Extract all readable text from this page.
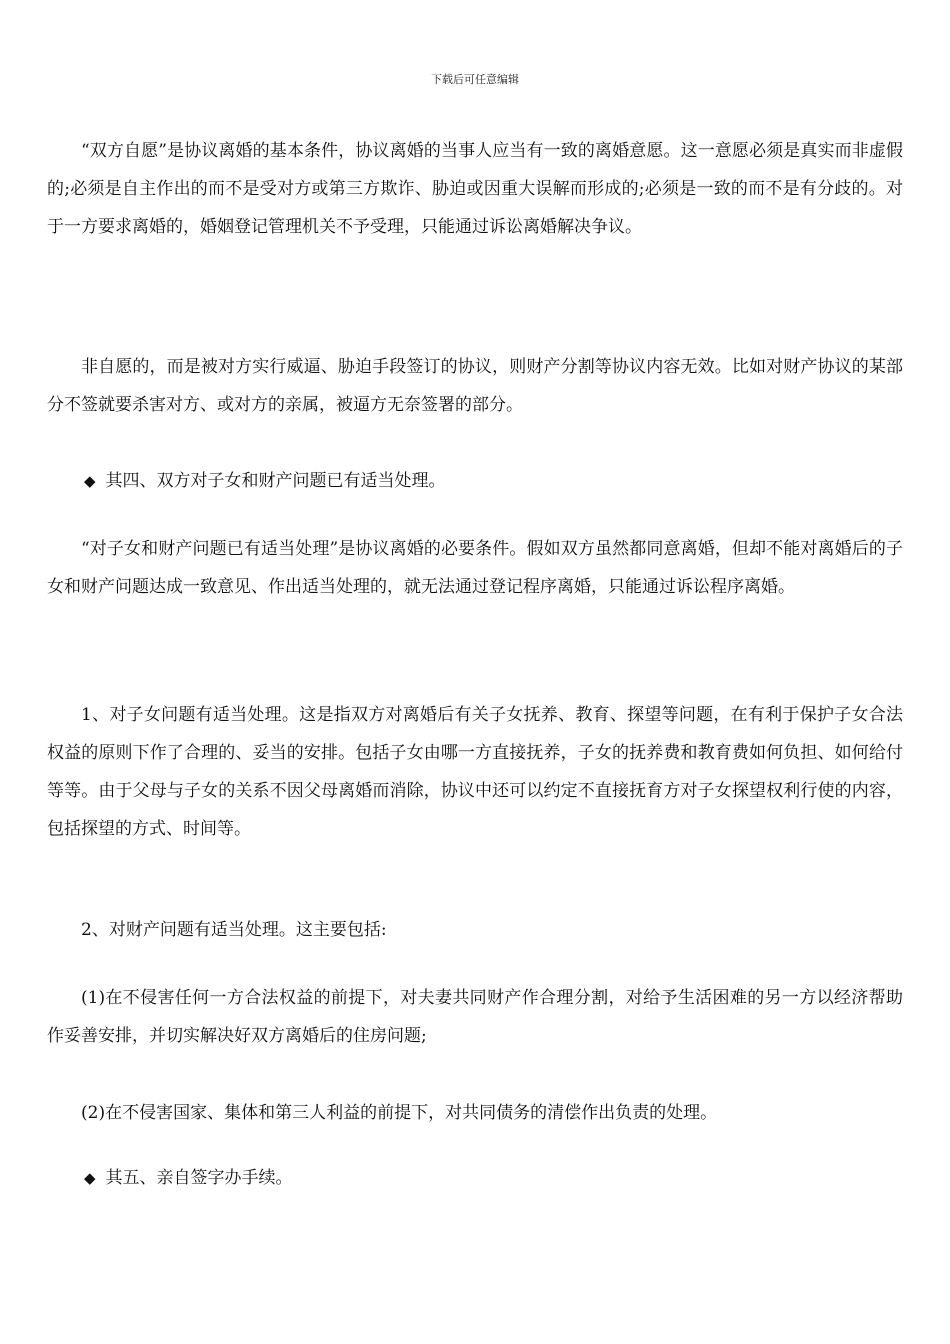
下载后可任意编辑

“双方自愿”是协议离婚的基本条件，协议离婚的当事人应当有一致的离婚意愿。这一意愿必须是真实而非虚假的;必须是自主作出的而不是受对方或第三方欺诈、胁迫或因重大误解而形成的;必须是一致的而不是有分歧的。对于一方要求离婚的，婚姻登记管理机关不予受理，只能通过诉讼离婚解决争议。

非自愿的，而是被对方实行威逼、胁迫手段签订的协议，则财产分割等协议内容无效。比如对财产协议的某部分不签就要杀害对方、或对方的亲属，被逼方无奈签署的部分。

◆ 其四、双方对子女和财产问题已有适当处理。

“对子女和财产问题已有适当处理”是协议离婚的必要条件。假如双方虽然都同意离婚，但却不能对离婚后的子女和财产问题达成一致意见、作出适当处理的，就无法通过登记程序离婚，只能通过诉讼程序离婚。

1、对子女问题有适当处理。这是指双方对离婚后有关子女抚养、教育、探望等问题，在有利于保护子女合法权益的原则下作了合理的、妥当的安排。包括子女由哪一方直接抚养，子女的抚养费和教育费如何负担、如何给付等等。由于父母与子女的关系不因父母离婚而消除，协议中还可以约定不直接抚育方对子女探望权利行使的内容，包括探望的方式、时间等。

2、对财产问题有适当处理。这主要包括:

(1)在不侵害任何一方合法权益的前提下，对夫妻共同财产作合理分割，对给予生活困难的另一方以经济帮助作妥善安排，并切实解决好双方离婚后的住房问题;

(2)在不侵害国家、集体和第三人利益的前提下，对共同债务的清偿作出负责的处理。

◆ 其五、亲自签字办手续。
